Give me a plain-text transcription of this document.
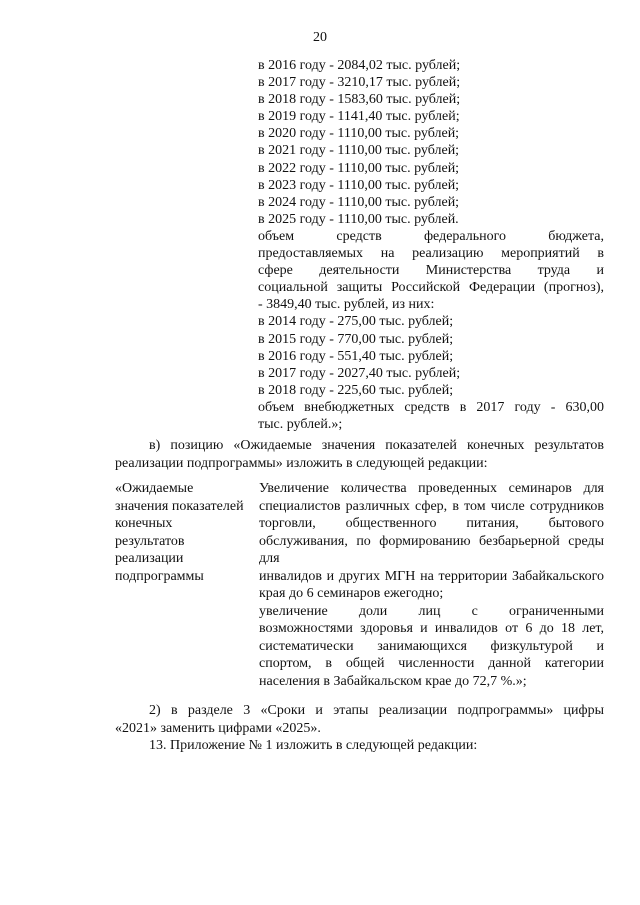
20
в 2016 году - 2084,02 тыс. рублей;
в 2017 году - 3210,17 тыс. рублей;
в 2018 году - 1583,60 тыс. рублей;
в 2019 году - 1141,40 тыс. рублей;
в 2020 году - 1110,00 тыс. рублей;
в 2021 году - 1110,00 тыс. рублей;
в 2022 году - 1110,00 тыс. рублей;
в 2023 году - 1110,00 тыс. рублей;
в 2024 году - 1110,00 тыс. рублей;
в 2025 году - 1110,00 тыс. рублей.
объем средств федерального бюджета,
предоставляемых на реализацию мероприятий в
сфере деятельности Министерства труда и
социальной защиты Российской Федерации (прогноз),
- 3849,40 тыс. рублей, из них:
в 2014 году - 275,00 тыс. рублей;
в 2015 году - 770,00 тыс. рублей;
в 2016 году - 551,40 тыс. рублей;
в 2017 году - 2027,40 тыс. рублей;
в 2018 году - 225,60 тыс. рублей;
объем внебюджетных средств в 2017 году - 630,00
тыс. рублей.»;
в) позицию «Ожидаемые значения показателей конечных результатов
реализации подпрограммы» изложить в следующей редакции:
«Ожидаемые
значения показателей
конечных
результатов
реализации
подпрограммы
Увеличение количества проведенных семинаров для
специалистов различных сфер, в том числе сотрудников
торговли, общественного питания, бытового
обслуживания, по формированию безбарьерной среды для
инвалидов и других МГН на территории Забайкальского
края до 6 семинаров ежегодно;
увеличение доли лиц с ограниченными
возможностями здоровья и инвалидов от 6 до 18 лет,
систематически занимающихся физкультурой и
спортом, в общей численности данной категории
населения в Забайкальском крае до 72,7 %.»;
2) в разделе 3 «Сроки и этапы реализации подпрограммы» цифры
«2021» заменить цифрами «2025».
13. Приложение № 1 изложить в следующей редакции:
